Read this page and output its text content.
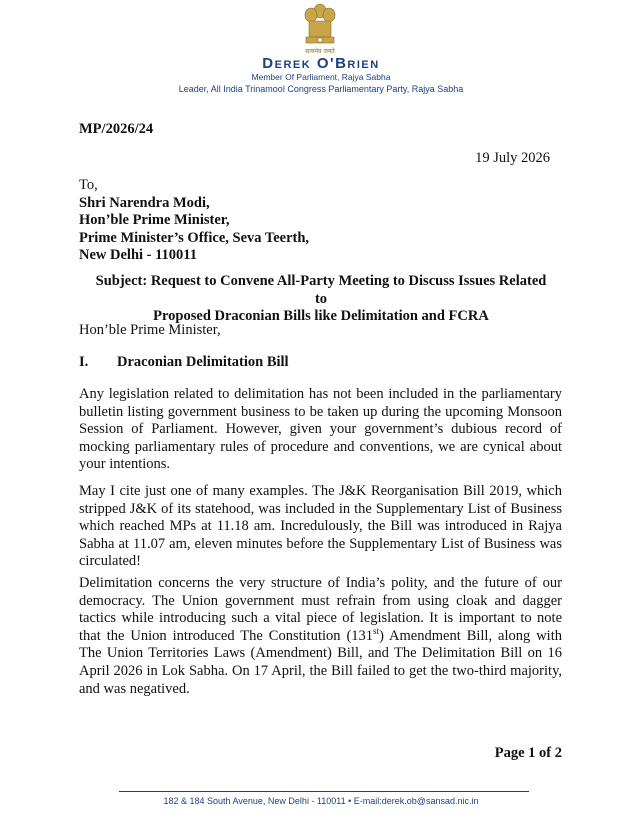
सत्यमेव जयते
Derek O'Brien
Member Of Parliament, Rajya Sabha
Leader, All India Trinamool Congress Parliamentary Party, Rajya Sabha
MP/2026/24
19 July 2026
To,
Shri Narendra Modi,
Hon’ble Prime Minister,
Prime Minister’s Office, Seva Teerth,
New Delhi - 110011
Subject: Request to Convene All-Party Meeting to Discuss Issues Related to
Proposed Draconian Bills like Delimitation and FCRA
Hon’ble Prime Minister,
I. Draconian Delimitation Bill
Any legislation related to delimitation has not been included in the parliamentary bulletin listing government business to be taken up during the upcoming Monsoon Session of Parliament. However, given your government’s dubious record of mocking parliamentary rules of procedure and conventions, we are cynical about your intentions.
May I cite just one of many examples. The J&K Reorganisation Bill 2019, which stripped J&K of its statehood, was included in the Supplementary List of Business which reached MPs at 11.18 am. Incredulously, the Bill was introduced in Rajya Sabha at 11.07 am, eleven minutes before the Supplementary List of Business was circulated!
Delimitation concerns the very structure of India’s polity, and the future of our democracy. The Union government must refrain from using cloak and dagger tactics while introducing such a vital piece of legislation. It is important to note that the Union introduced The Constitution (131st) Amendment Bill, along with The Union Territories Laws (Amendment) Bill, and The Delimitation Bill on 16 April 2026 in Lok Sabha. On 17 April, the Bill failed to get the two-third majority, and was negatived.
Page 1 of 2
182 & 184 South Avenue, New Delhi - 110011 • E-mail:derek.ob@sansad.nic.in
